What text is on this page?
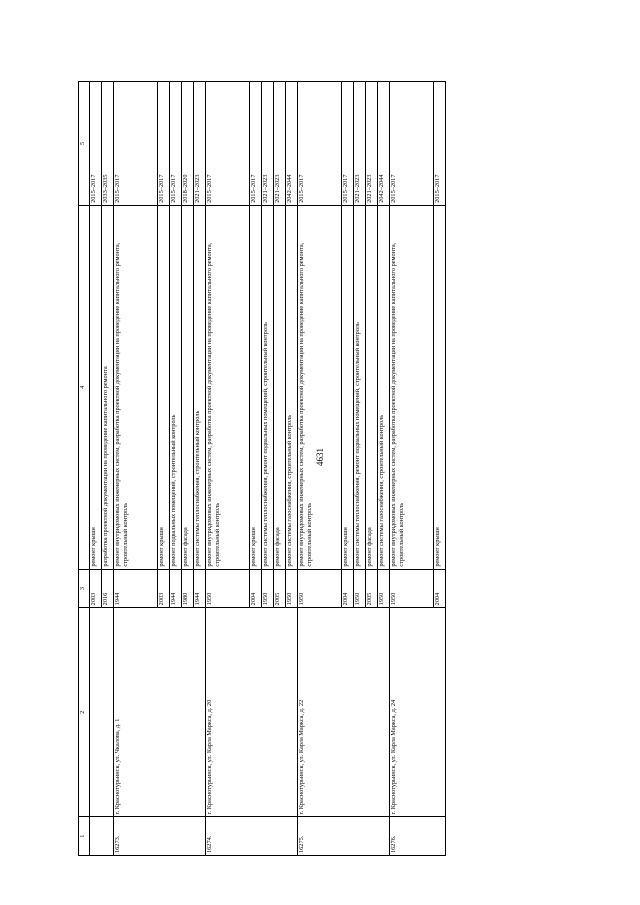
4631
1	2	3	4	5
		2003	ремонт крыши	2015–2017
		2016	разработка проектной документации на проведение капитального ремонта	2033–2035
16273.	г. Краснотурьинск, ул. Чкалова, д. 1	1944	ремонт внутридомовых инженерных систем, разработка проектной документации на проведение капитального ремонта, строительный контроль	2015–2017
		2003	ремонт крыши	2015–2017
		1944	ремонт подвальных помещений, строительный контроль	2015–2017
		1980	ремонт фасада	2018–2020
		1944	ремонт системы теплоснабжения, строительный контроль	2021–2023
16274.	г. Краснотурьинск, ул. Карла Маркса, д. 20	1950	ремонт внутридомовых инженерных систем, разработка проектной документации на проведение капитального ремонта, строительный контроль	2015–2017
		2004	ремонт крыши	2015–2017
		1950	ремонт системы теплоснабжения, ремонт подвальных помещений, строительный контроль	2021–2023
		2005	ремонт фасада	2021–2023
		1950	ремонт системы газоснабжения, строительный контроль	2042–2044
16275.	г. Краснотурьинск, ул. Карла Маркса, д. 22	1950	ремонт внутридомовых инженерных систем, разработка проектной документации на проведение капитального ремонта, строительный контроль	2015–2017
		2004	ремонт крыши	2015–2017
		1950	ремонт системы теплоснабжения, ремонт подвальных помещений, строительный контроль	2021–2023
		2005	ремонт фасада	2021–2023
		1950	ремонт системы газоснабжения, строительный контроль	2042–2044
16276.	г. Краснотурьинск, ул. Карла Маркса, д. 24	1950	ремонт внутридомовых инженерных систем, разработка проектной документации на проведение капитального ремонта, строительный контроль	2015–2017
		2004	ремонт крыши	2015–2017
